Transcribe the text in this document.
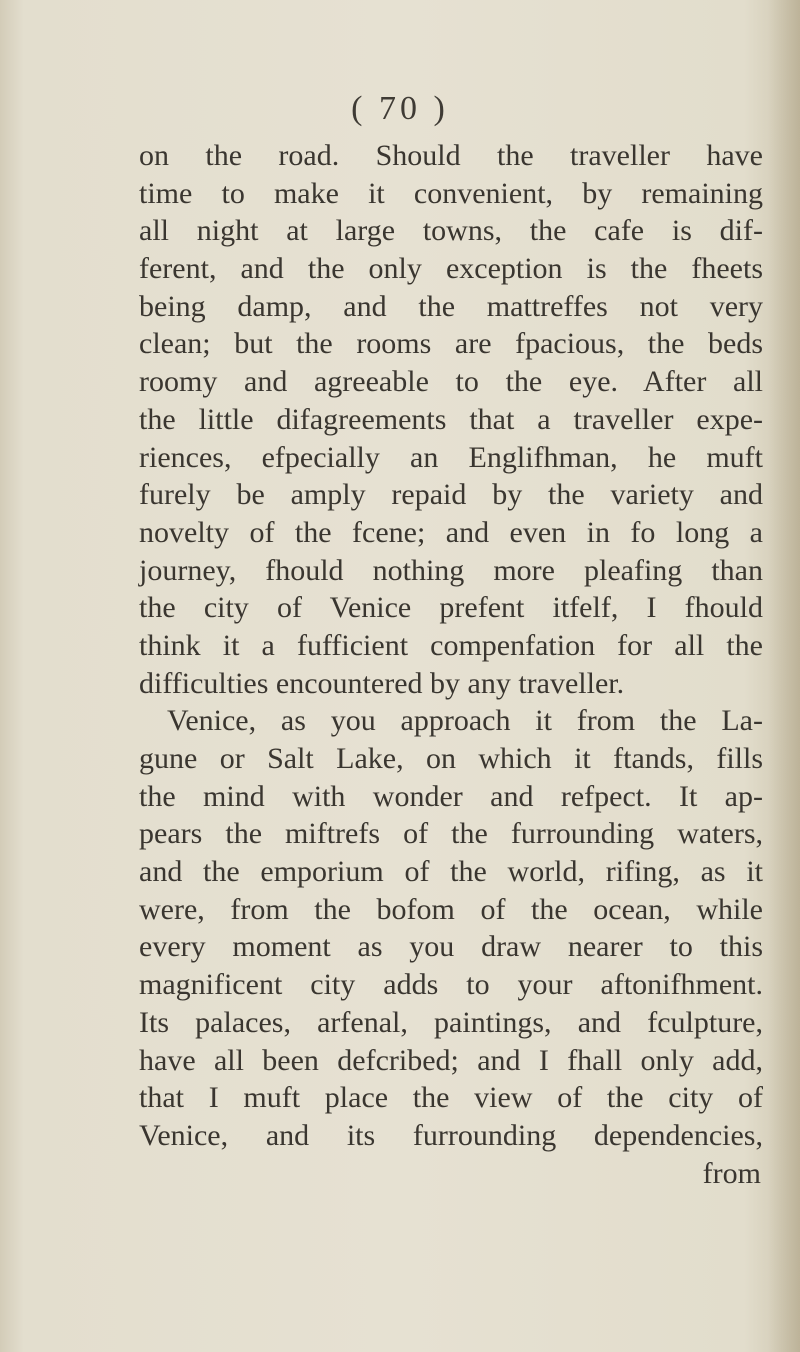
( 70 )
on the road. Should the traveller have
time to make it convenient, by remaining
all night at large towns, the cafe is dif-
ferent, and the only exception is the fheets
being damp, and the mattreffes not very
clean; but the rooms are fpacious, the beds
roomy and agreeable to the eye. After all
the little difagreements that a traveller expe-
riences, efpecially an Englifhman, he muft
furely be amply repaid by the variety and
novelty of the fcene; and even in fo long a
journey, fhould nothing more pleafing than
the city of Venice prefent itfelf, I fhould
think it a fufficient compenfation for all the
difficulties encountered by any traveller.
Venice, as you approach it from the La-
gune or Salt Lake, on which it ftands, fills
the mind with wonder and refpect. It ap-
pears the miftrefs of the furrounding waters,
and the emporium of the world, rifing, as it
were, from the bofom of the ocean, while
every moment as you draw nearer to this
magnificent city adds to your aftonifhment.
Its palaces, arfenal, paintings, and fculpture,
have all been defcribed; and I fhall only add,
that I muft place the view of the city of
Venice, and its furrounding dependencies,
from
